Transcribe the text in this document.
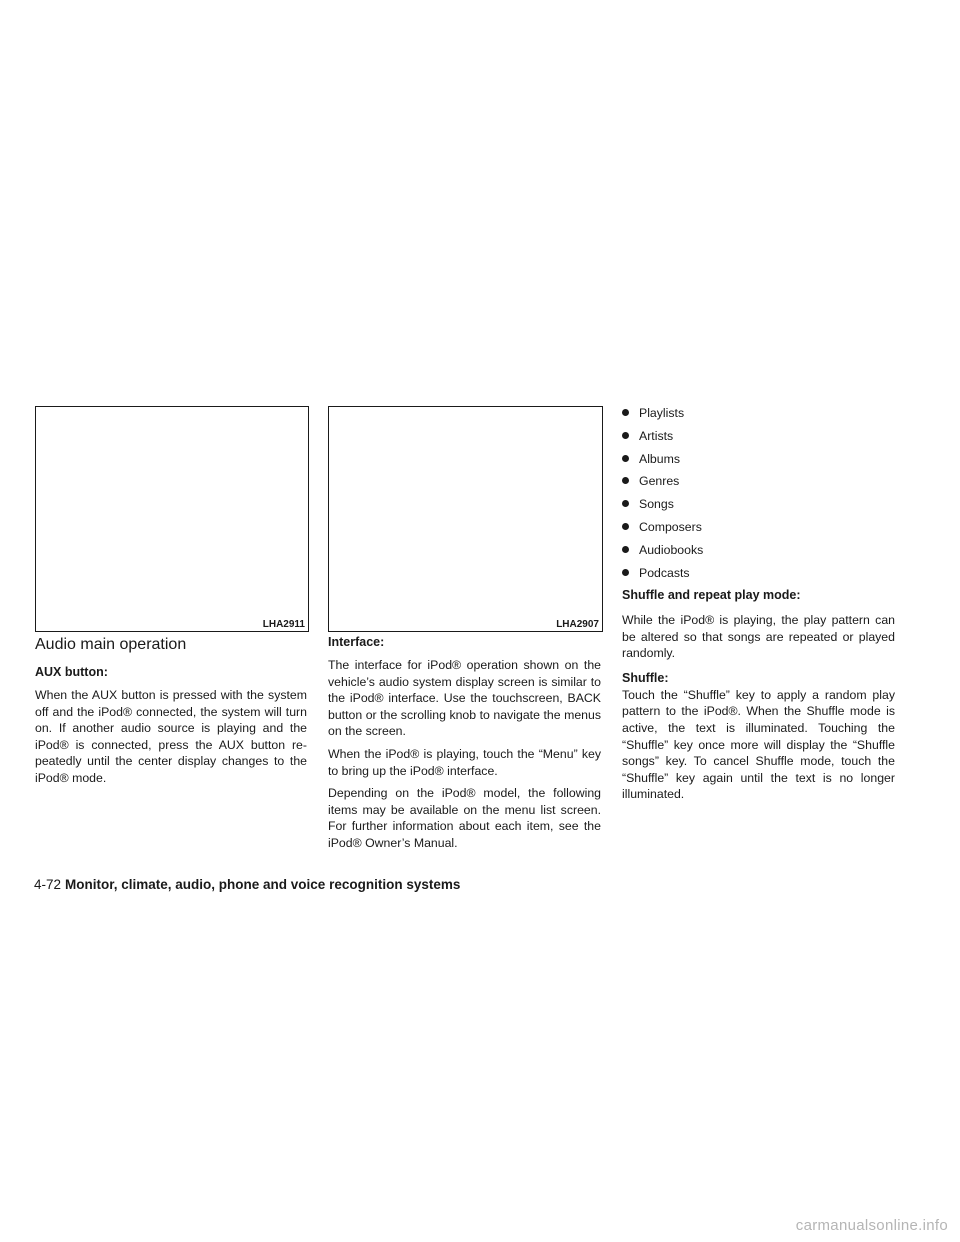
LHA2911	LHA2907
Audio main operation

AUX button:

When the AUX button is pressed with the system off and the iPod® connected, the system will turn on. If another audio source is playing and the iPod® is connected, press the AUX button re-peatedly until the center display changes to the iPod® mode.

Interface:

The interface for iPod® operation shown on the vehicle’s audio system display screen is similar to the iPod® interface. Use the touchscreen, BACK button or the scrolling knob to navigate the menus on the screen.

When the iPod® is playing, touch the “Menu” key to bring up the iPod® interface.

Depending on the iPod® model, the following items may be available on the menu list screen. For further information about each item, see the iPod® Owner’s Manual.

Playlists
Artists
Albums
Genres
Songs
Composers
Audiobooks
Podcasts

Shuffle and repeat play mode:

While the iPod® is playing, the play pattern can be altered so that songs are repeated or played randomly.

Shuffle:

Touch the “Shuffle” key to apply a random play pattern to the iPod®. When the Shuffle mode is active, the text is illuminated. Touching the “Shuffle” key once more will display the “Shuffle songs” key. To cancel Shuffle mode, touch the “Shuffle” key again until the text is no longer illuminated.

4-72 Monitor, climate, audio, phone and voice recognition systems
carmanualsonline.info
